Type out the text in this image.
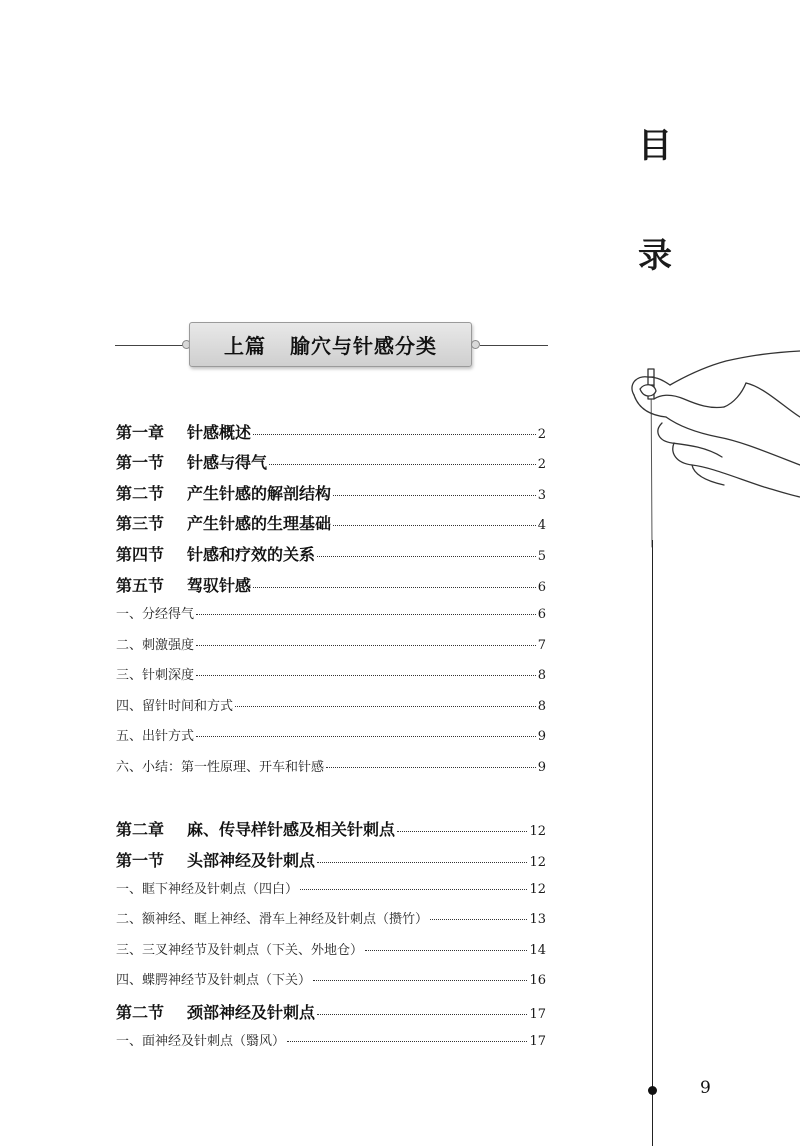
目
录
9
上篇 腧穴与针感分类
第一章	针感概述	2
第一节	针感与得气	2
第二节	产生针感的解剖结构	3
第三节	产生针感的生理基础	4
第四节	针感和疗效的关系	5
第五节	驾驭针感	6
一、分经得气	6
二、刺激强度	7
三、针刺深度	8
四、留针时间和方式	8
五、出针方式	9
六、小结：第一性原理、开车和针感	9
第二章	麻、传导样针感及相关针刺点	12
第一节	头部神经及针刺点	12
一、眶下神经及针刺点（四白）	12
二、额神经、眶上神经、滑车上神经及针刺点（攒竹）	13
三、三叉神经节及针刺点（下关、外地仓）	14
四、蝶腭神经节及针刺点（下关）	16
第二节	颈部神经及针刺点	17
一、面神经及针刺点（翳风）	17
